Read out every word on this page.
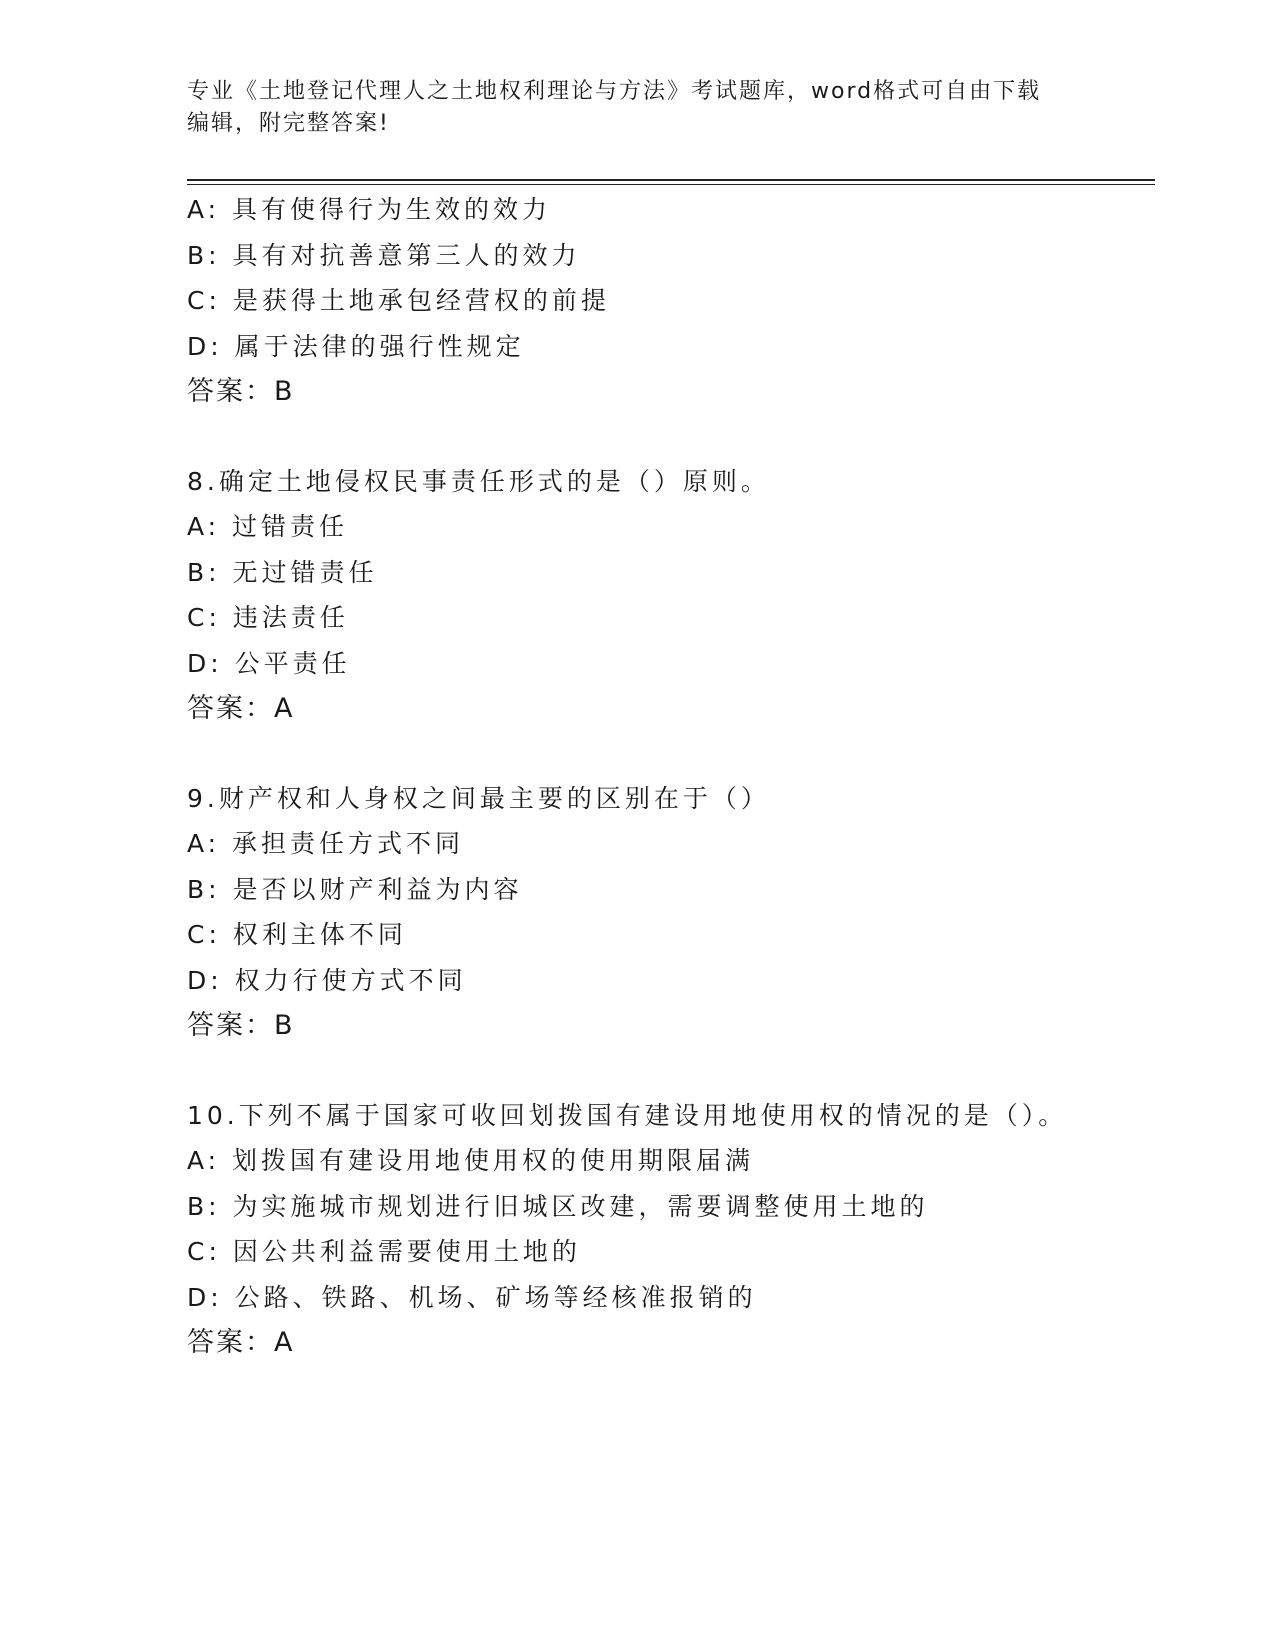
专业《土地登记代理人之土地权利理论与方法》考试题库，word格式可自由下载
编辑，附完整答案!
A: 具有使得行为生效的效力
B: 具有对抗善意第三人的效力
C: 是获得土地承包经营权的前提
D: 属于法律的强行性规定
答案：B
8.确定土地侵权民事责任形式的是（）原则。
A: 过错责任
B: 无过错责任
C: 违法责任
D: 公平责任
答案：A
9.财产权和人身权之间最主要的区别在于（）
A: 承担责任方式不同
B: 是否以财产利益为内容
C: 权利主体不同
D: 权力行使方式不同
答案：B
10.下列不属于国家可收回划拨国有建设用地使用权的情况的是（）。
A: 划拨国有建设用地使用权的使用期限届满
B: 为实施城市规划进行旧城区改建，需要调整使用土地的
C: 因公共利益需要使用土地的
D: 公路、铁路、机场、矿场等经核准报销的
答案：A
